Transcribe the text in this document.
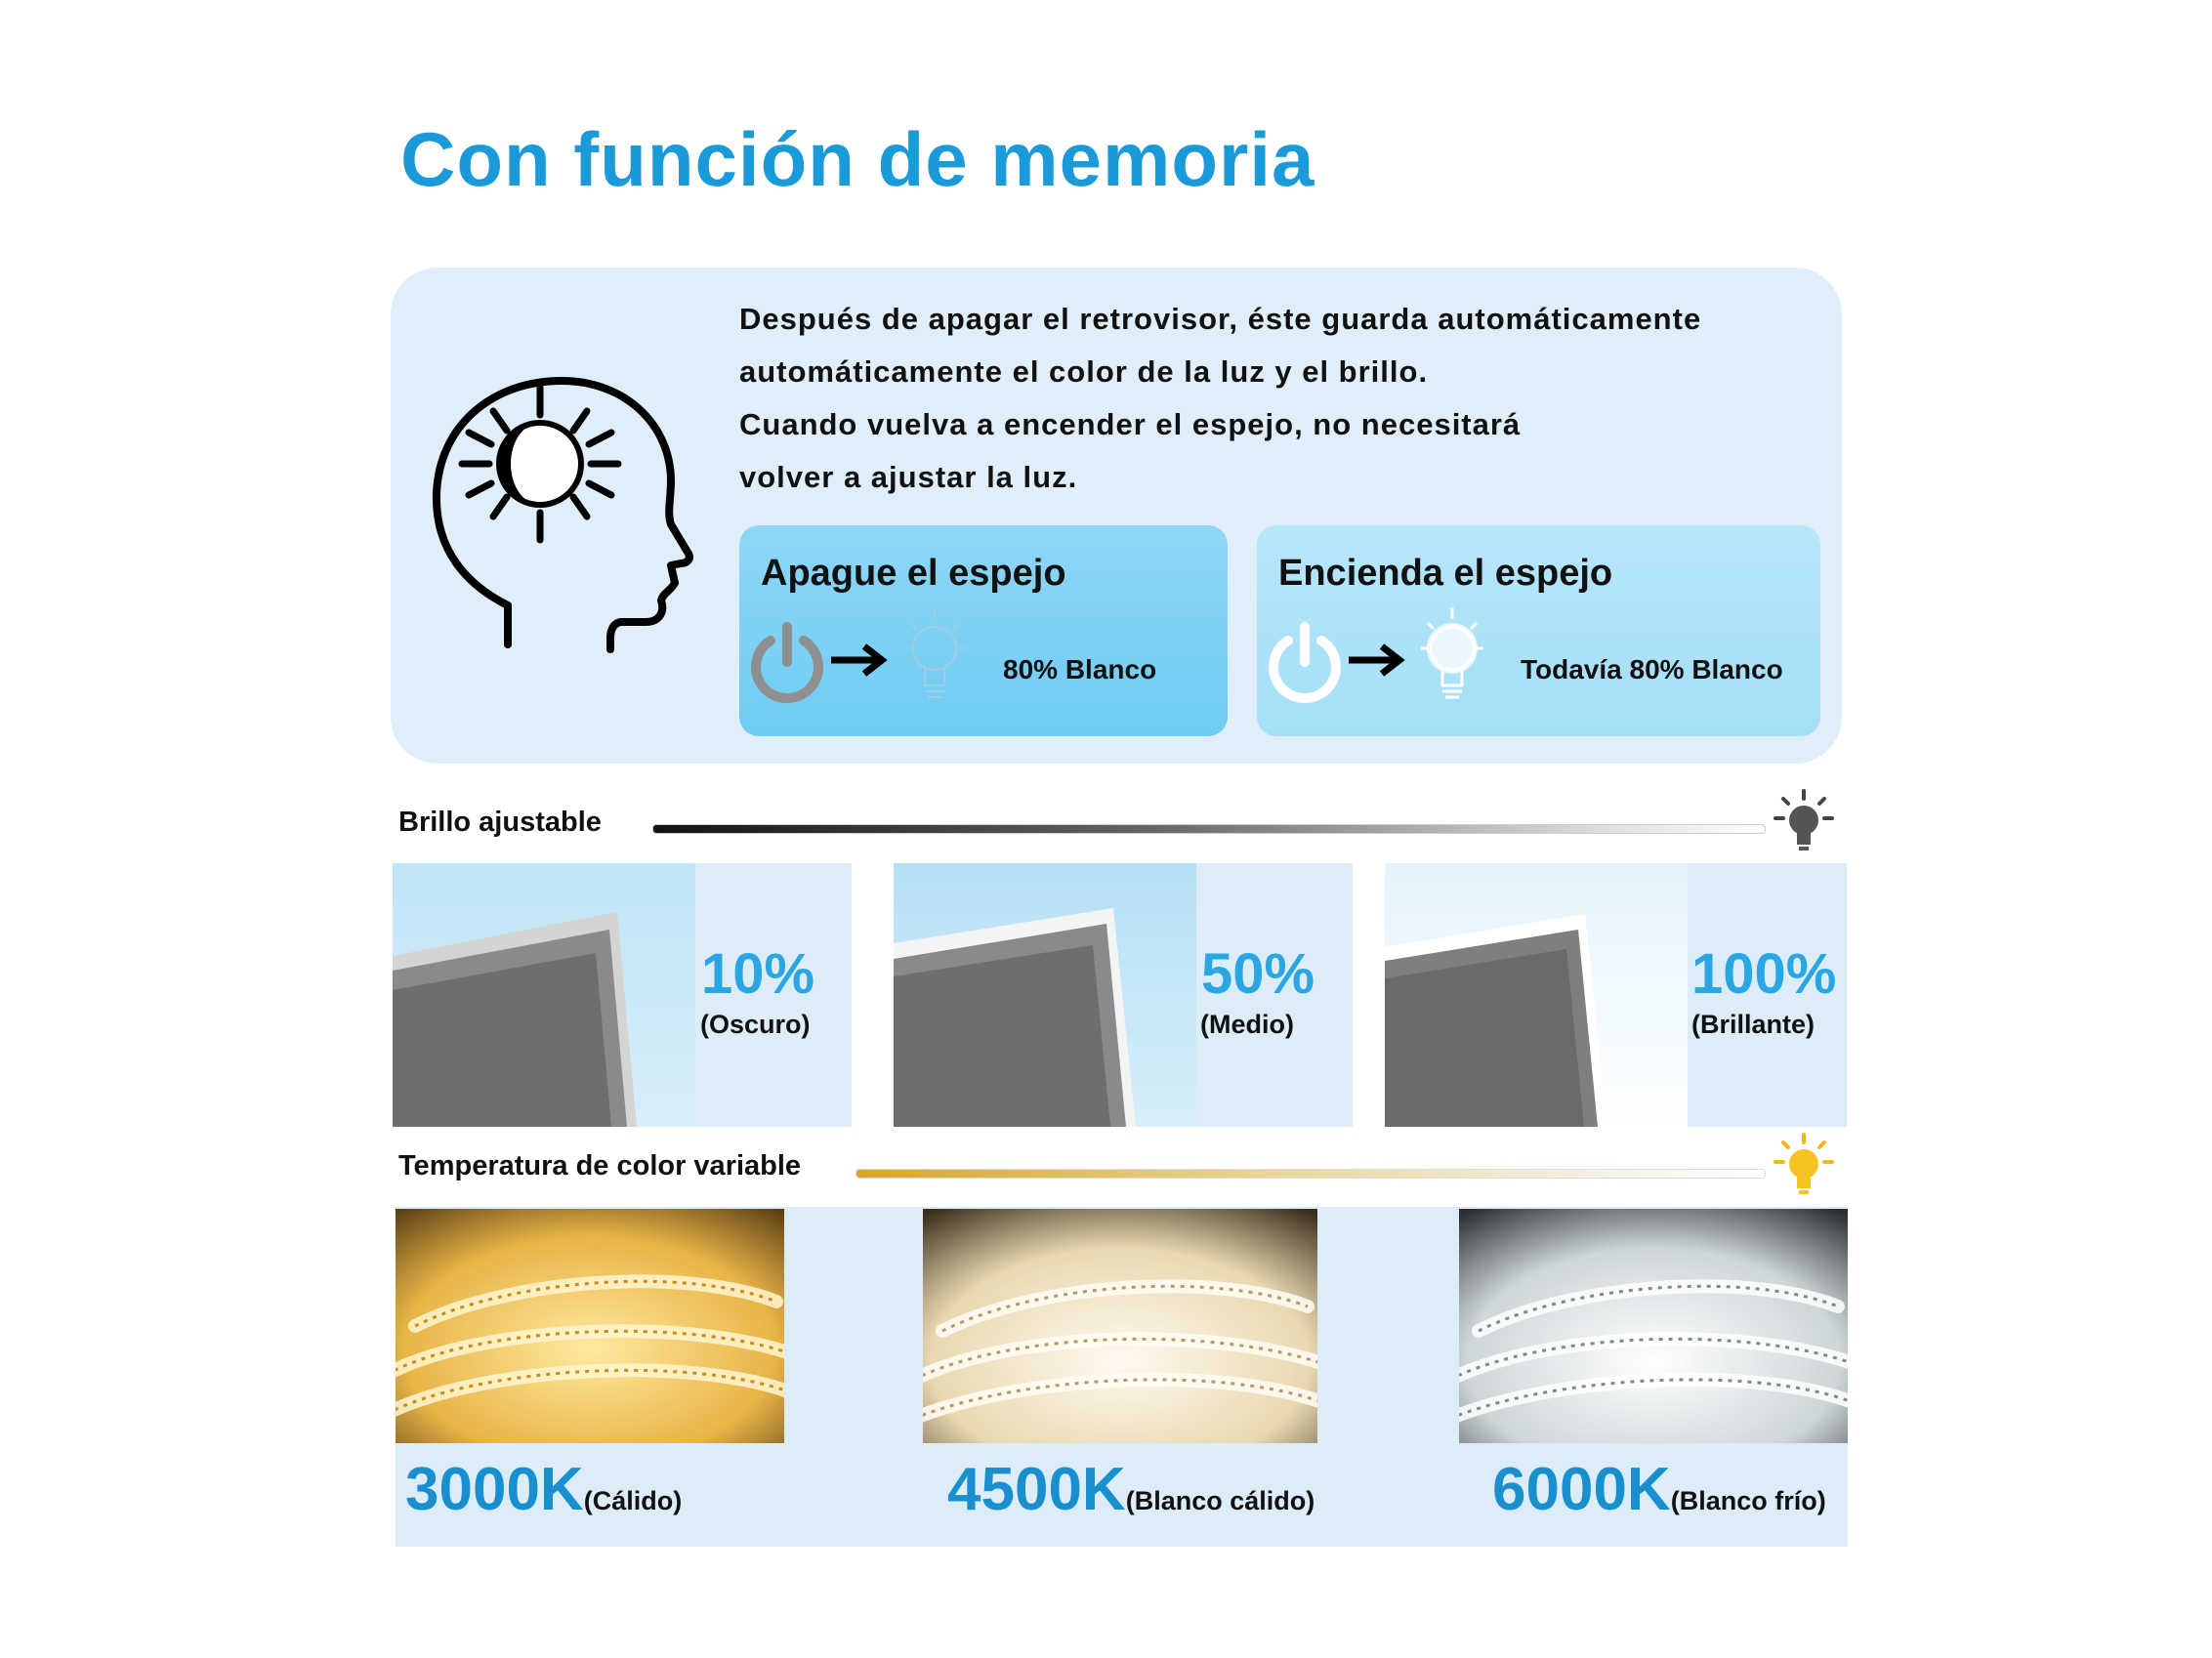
Con función de memoria
Después de apagar el retrovisor, éste guarda automáticamente
automáticamente el color de la luz y el brillo.
Cuando vuelva a encender el espejo, no necesitará
volver a ajustar la luz.
Apague el espejo
80% Blanco
Encienda el espejo
Todavía 80% Blanco
Brillo ajustable
10%
(Oscuro)
50%
(Medio)
100%
(Brillante)
Temperatura de color variable
3000K(Cálido)	4500K(Blanco cálido)	6000K(Blanco frío)
